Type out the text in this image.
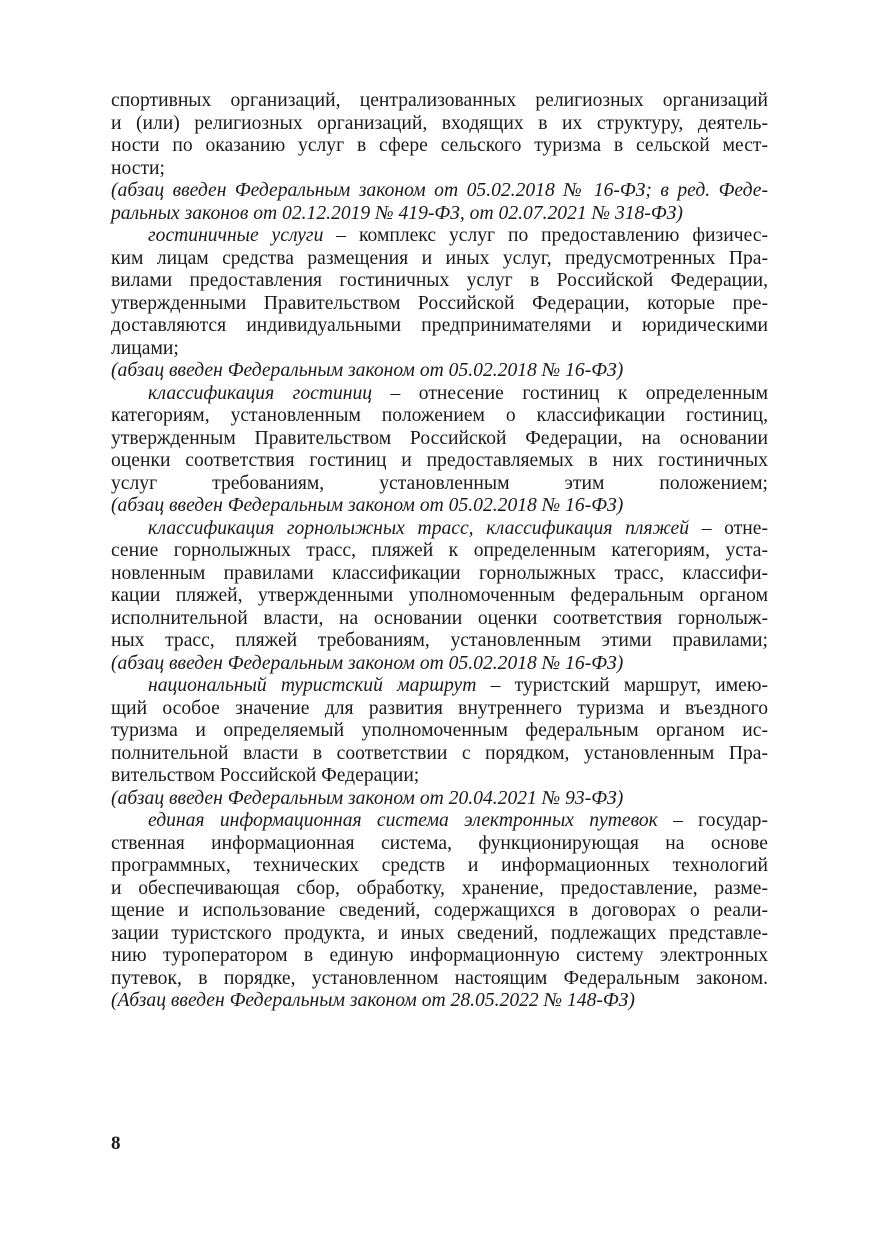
спортивных организаций, централизованных религиозных организаций
и (или) религиозных организаций, входящих в их структуру, деятель-
ности по оказанию услуг в сфере сельского туризма в сельской мест-
ности;
(абзац введен Федеральным законом от 05.02.2018 № 16-ФЗ; в ред. Феде-
ральных законов от 02.12.2019 № 419-ФЗ, от 02.07.2021 № 318-ФЗ)
гостиничные услуги – комплекс услуг по предоставлению физичес-
ким лицам средства размещения и иных услуг, предусмотренных Пра-
вилами предоставления гостиничных услуг в Российской Федерации,
утвержденными Правительством Российской Федерации, которые пре-
доставляются индивидуальными предпринимателями и юридическими
лицами;
(абзац введен Федеральным законом от 05.02.2018 № 16-ФЗ)
классификация гостиниц – отнесение гостиниц к определенным
категориям, установленным положением о классификации гостиниц,
утвержденным Правительством Российской Федерации, на основании
оценки соответствия гостиниц и предоставляемых в них гостиничных
услуг требованиям, установленным этим положением;
(абзац введен Федеральным законом от 05.02.2018 № 16-ФЗ)
классификация горнолыжных трасс, классификация пляжей – отне-
сение горнолыжных трасс, пляжей к определенным категориям, уста-
новленным правилами классификации горнолыжных трасс, классифи-
кации пляжей, утвержденными уполномоченным федеральным органом
исполнительной власти, на основании оценки соответствия горнолыж-
ных трасс, пляжей требованиям, установленным этими правилами;
(абзац введен Федеральным законом от 05.02.2018 № 16-ФЗ)
национальный туристский маршрут – туристский маршрут, имею-
щий особое значение для развития внутреннего туризма и въездного
туризма и определяемый уполномоченным федеральным органом ис-
полнительной власти в соответствии с порядком, установленным Пра-
вительством Российской Федерации;
(абзац введен Федеральным законом от 20.04.2021 № 93-ФЗ)
единая информационная система электронных путевок – государ-
ственная информационная система, функционирующая на основе
программных, технических средств и информационных технологий
и обеспечивающая сбор, обработку, хранение, предоставление, разме-
щение и использование сведений, содержащихся в договорах о реали-
зации туристского продукта, и иных сведений, подлежащих представле-
нию туроператором в единую информационную систему электронных
путевок, в порядке, установленном настоящим Федеральным законом.
(Абзац введен Федеральным законом от 28.05.2022 № 148-ФЗ)
8
